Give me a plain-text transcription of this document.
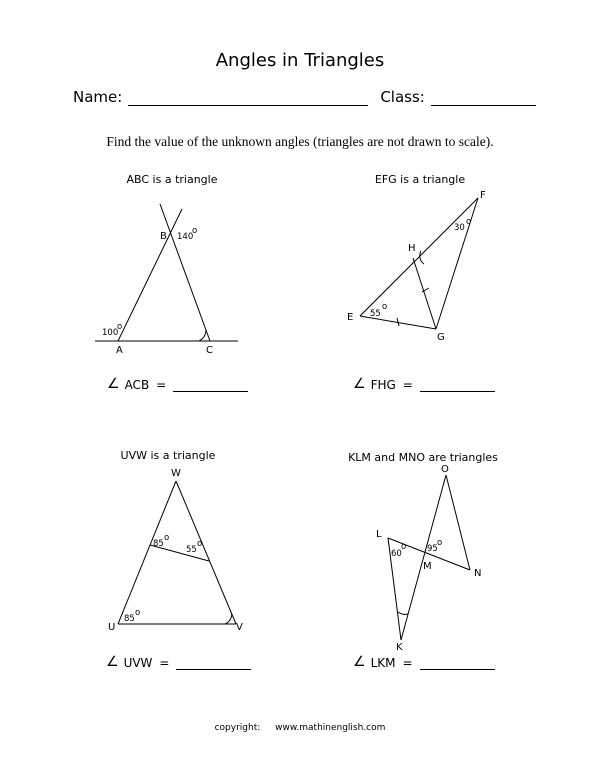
Angles in Triangles
Name:	Class:
Find the value of the unknown angles (triangles are not drawn to scale).
ABC is a triangle	EFG is a triangle
UVW is a triangle	KLM and MNO are triangles
A
B
C
100
o
140
o
E
F
G
H
30
o
55
o
W
U	V
85
o
55
o
85
o
L
K
M
N
O
60
o 95
o
∠ ACB =	∠ FHG =
∠ UVW =	∠ LKM =
copyright: www.mathinenglish.com
